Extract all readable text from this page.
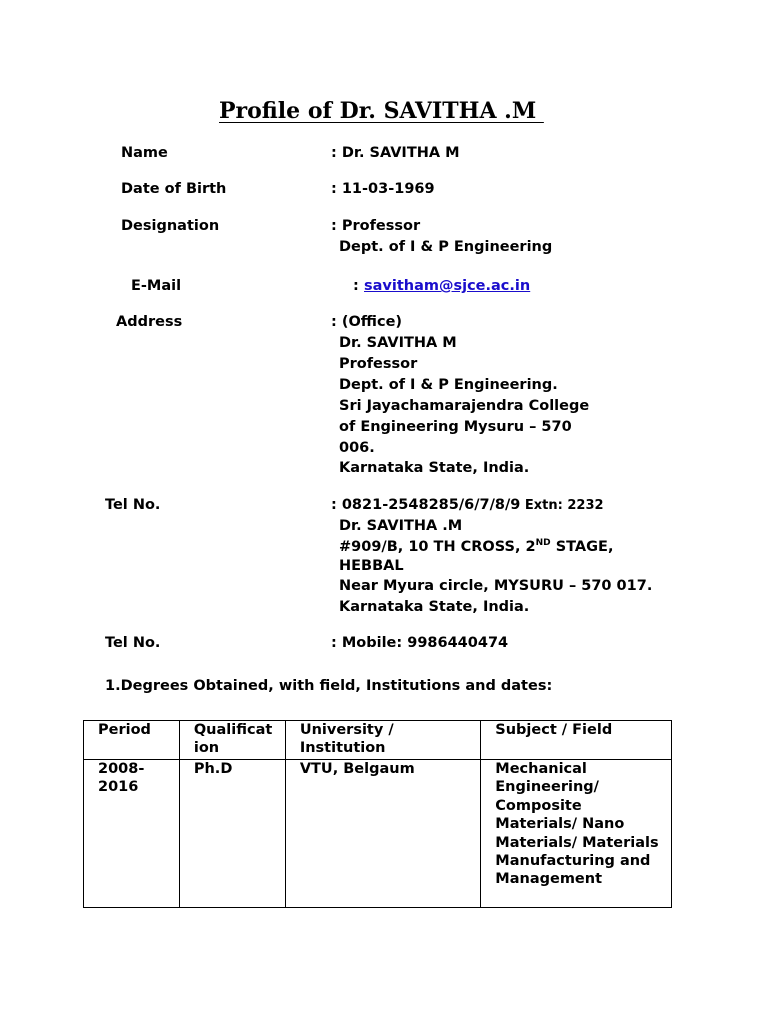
Profile of Dr. SAVITHA .M
Name	: Dr. SAVITHA M
Date of Birth	: 11-03-1969
Designation	: Professor
Dept. of I & P Engineering
E-Mail	: savitham@sjce.ac.in
Address	: (Office)
Dr. SAVITHA M
Professor
Dept. of I & P Engineering.
Sri Jayachamarajendra College
of Engineering Mysuru – 570
006.
Karnataka State, India.
Tel No.	: 0821-2548285/6/7/8/9 Extn: 2232
Dr. SAVITHA .M
#909/B, 10 TH CROSS, 2ND STAGE,
HEBBAL
Near Myura circle, MYSURU – 570 017.
Karnataka State, India.
Tel No.	: Mobile: 9986440474
1.Degrees Obtained, with field, Institutions and dates:
Period	Qualificat ion	University / Institution	Subject / Field
2008- 2016	Ph.D	VTU, Belgaum	Mechanical Engineering/ Composite Materials/ Nano Materials/ Materials Manufacturing and Management
